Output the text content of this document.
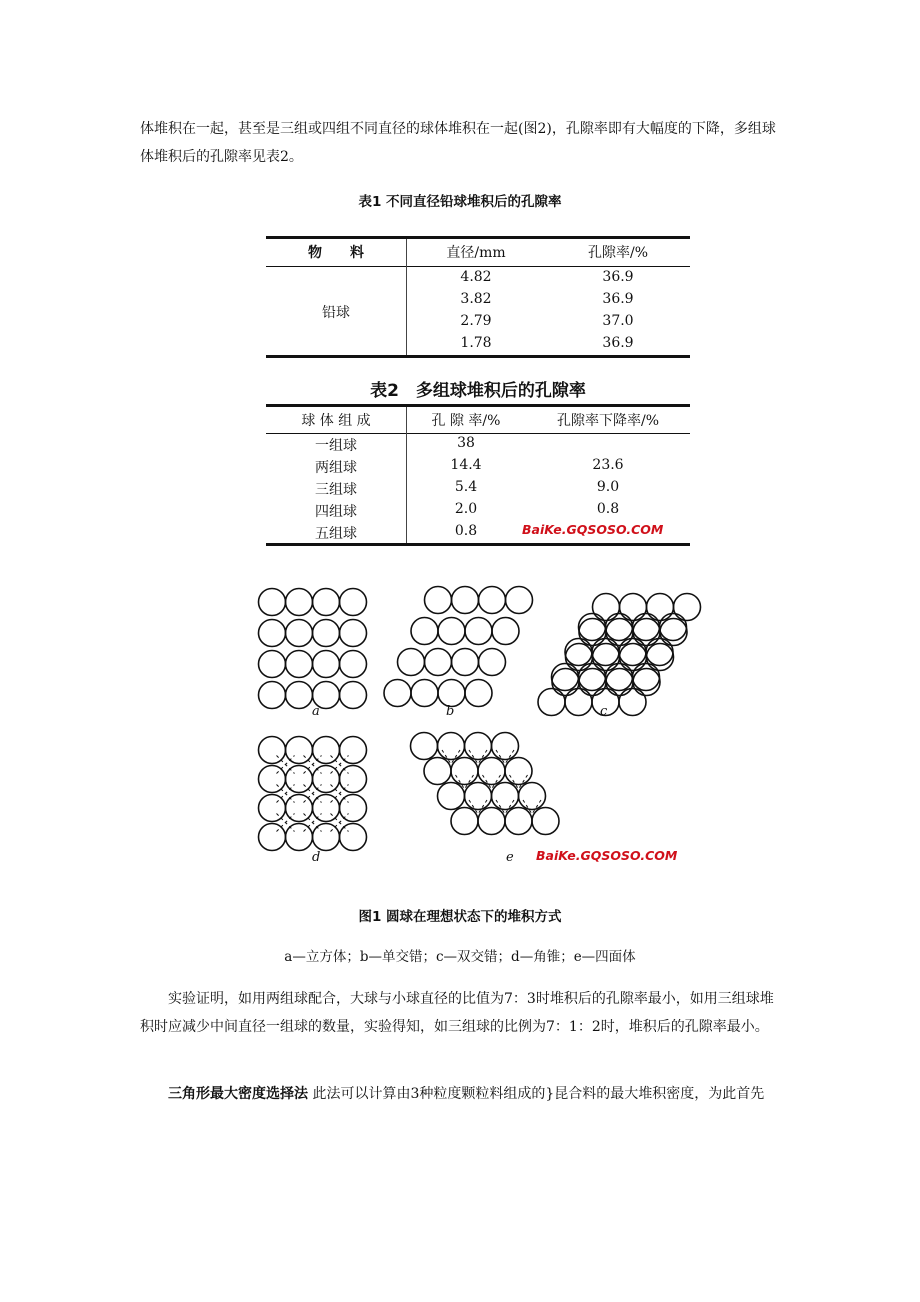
体堆积在一起，甚至是三组或四组不同直径的球体堆积在一起(图2)，孔隙率即有大幅度的下降，多组球体堆积后的孔隙率见表2。

表1 不同直径铅球堆积后的孔隙率
物　　料	直径/mm	孔隙率/%
铅球
4.82	36.9
3.82	36.9
2.79	37.0
1.78	36.9
表2　多组球堆积后的孔隙率
球 体 组 成	孔 隙 率/%	孔隙率下降率/%
一组球	38
两组球	14.4	23.6
三组球	5.4	9.0
四组球	2.0	0.8
五组球	0.8	BaiKe.GQSOSO.COM
a	b	c
d	e BaiKe.GQSOSO.COM
图1 圆球在理想状态下的堆积方式
a—立方体；b—单交错；c—双交错；d—角锥；e—四面体

实验证明，如用两组球配合，大球与小球直径的比值为7：3时堆积后的孔隙率最小，如用三组球堆积时应减少中间直径一组球的数量，实验得知，如三组球的比例为7：1：2时，堆积后的孔隙率最小。

三角形最大密度选择法 此法可以计算由3种粒度颗粒料组成的}昆合料的最大堆积密度，为此首先
